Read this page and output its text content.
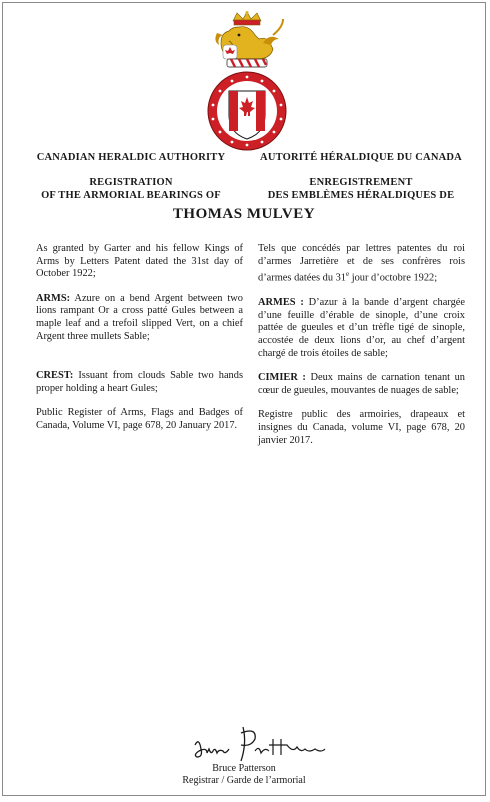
CANADIAN HERALDIC AUTHORITY
REGISTRATION
OF THE ARMORIAL BEARINGS OF
AUTORITÉ HÉRALDIQUE DU CANADA
ENREGISTREMENT
DES EMBLÈMES HÉRALDIQUES DE
THOMAS MULVEY

As granted by Garter and his fellow Kings of Arms by Letters Patent dated the 31st day of October 1922;

ARMS: Azure on a bend Argent between two lions rampant Or a cross patté Gules between a maple leaf and a trefoil slipped Vert, on a chief Argent three mullets Sable;

CREST: Issuant from clouds Sable two hands proper holding a heart Gules;

Public Register of Arms, Flags and Badges of Canada, Volume VI, page 678, 20 January 2017.

Tels que concédés par lettres patentes du roi d’armes Jarretière et de ses confrères rois d’armes datées du 31e jour d’octobre 1922;

ARMES : D’azur à la bande d’argent chargée d’une feuille d’érable de sinople, d’une croix pattée de gueules et d’un trèfle tigé de sinople, accostée de deux lions d’or, au chef d’argent chargé de trois étoiles de sable;

CIMIER : Deux mains de carnation tenant un cœur de gueules, mouvantes de nuages de sable;

Registre public des armoiries, drapeaux et insignes du Canada, volume VI, page 678, 20 janvier 2017.

Bruce Patterson
Registrar / Garde de l’armorial
